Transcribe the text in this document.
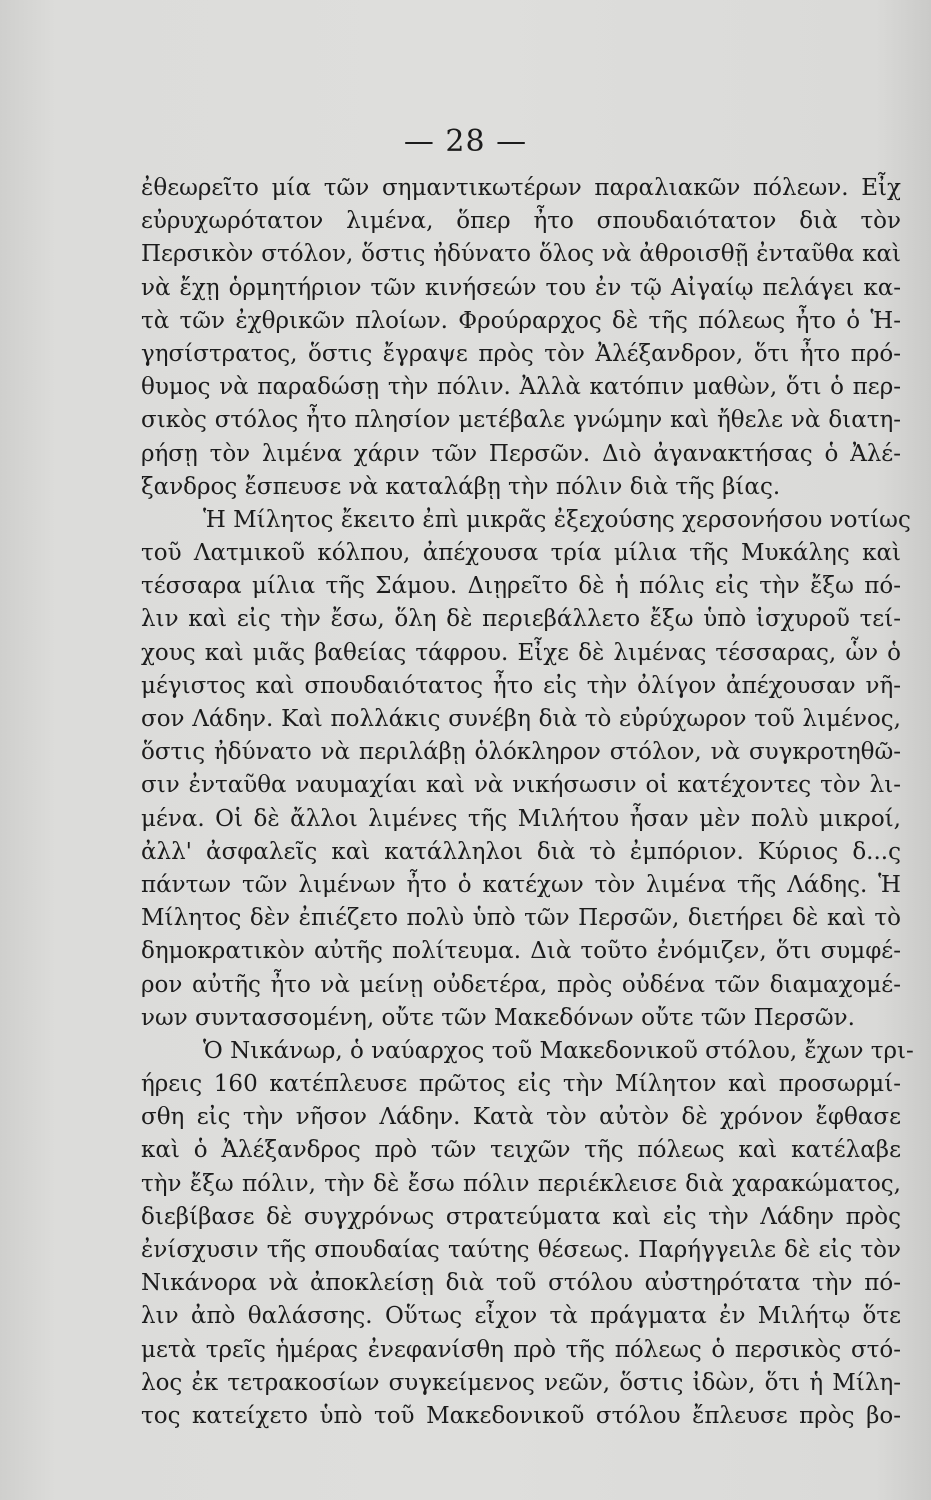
— 28 —
ἐθεωρεῖτο μία τῶν σημαντικωτέρων παραλιακῶν πόλεων. Εἶχ
εὐρυχωρότατον λιμένα, ὅπερ ἦτο σπουδαιότατον διὰ τὸν
Περσικὸν στόλον, ὅστις ἠδύνατο ὅλος νὰ ἀθροισθῇ ἐνταῦθα καὶ
νὰ ἔχῃ ὁρμητήριον τῶν κινήσεών του ἐν τῷ Αἰγαίῳ πελάγει κα-
τὰ τῶν ἐχθρικῶν πλοίων. Φρούραρχος δὲ τῆς πόλεως ἦτο ὁ Ἡ-
γησίστρατος, ὅστις ἔγραψε πρὸς τὸν Ἀλέξανδρον, ὅτι ἦτο πρό-
θυμος νὰ παραδώσῃ τὴν πόλιν. Ἀλλὰ κατόπιν μαθὼν, ὅτι ὁ περ-
σικὸς στόλος ἦτο πλησίον μετέβαλε γνώμην καὶ ἤθελε νὰ διατη-
ρήσῃ τὸν λιμένα χάριν τῶν Περσῶν. Διὸ ἀγανακτήσας ὁ Ἀλέ-
ξανδρος ἔσπευσε νὰ καταλάβῃ τὴν πόλιν διὰ τῆς βίας.
Ἡ Μίλητος ἔκειτο ἐπὶ μικρᾶς ἐξεχούσης χερσονήσου νοτίως
τοῦ Λατμικοῦ κόλπου, ἀπέχουσα τρία μίλια τῆς Μυκάλης καὶ
τέσσαρα μίλια τῆς Σάμου. Διῃρεῖτο δὲ ἡ πόλις εἰς τὴν ἔξω πό-
λιν καὶ εἰς τὴν ἔσω, ὅλη δὲ περιεβάλλετο ἔξω ὑπὸ ἰσχυροῦ τεί-
χους καὶ μιᾶς βαθείας τάφρου. Εἶχε δὲ λιμένας τέσσαρας, ὧν ὁ
μέγιστος καὶ σπουδαιότατος ἦτο εἰς τὴν ὀλίγον ἀπέχουσαν νῆ-
σον Λάδην. Καὶ πολλάκις συνέβη διὰ τὸ εὐρύχωρον τοῦ λιμένος,
ὅστις ἠδύνατο νὰ περιλάβῃ ὁλόκληρον στόλον, νὰ συγκροτηθῶ-
σιν ἐνταῦθα ναυμαχίαι καὶ νὰ νικήσωσιν οἱ κατέχοντες τὸν λι-
μένα. Οἱ δὲ ἄλλοι λιμένες τῆς Μιλήτου ἦσαν μὲν πολὺ μικροί,
ἀλλ' ἀσφαλεῖς καὶ κατάλληλοι διὰ τὸ ἐμπόριον. Κύριος δ...ς
πάντων τῶν λιμένων ἦτο ὁ κατέχων τὸν λιμένα τῆς Λάδης. Ἡ
Μίλητος δὲν ἐπιέζετο πολὺ ὑπὸ τῶν Περσῶν, διετήρει δὲ καὶ τὸ
δημοκρατικὸν αὐτῆς πολίτευμα. Διὰ τοῦτο ἐνόμιζεν, ὅτι συμφέ-
ρον αὐτῆς ἦτο νὰ μείνῃ οὐδετέρα, πρὸς οὐδένα τῶν διαμαχομέ-
νων συντασσομένη, οὔτε τῶν Μακεδόνων οὔτε τῶν Περσῶν.
Ὁ Νικάνωρ, ὁ ναύαρχος τοῦ Μακεδονικοῦ στόλου, ἔχων τρι-
ήρεις 160 κατέπλευσε πρῶτος εἰς τὴν Μίλητον καὶ προσωρμί-
σθη εἰς τὴν νῆσον Λάδην. Κατὰ τὸν αὐτὸν δὲ χρόνον ἔφθασε
καὶ ὁ Ἀλέξανδρος πρὸ τῶν τειχῶν τῆς πόλεως καὶ κατέλαβε
τὴν ἔξω πόλιν, τὴν δὲ ἔσω πόλιν περιέκλεισε διὰ χαρακώματος,
διεβίβασε δὲ συγχρόνως στρατεύματα καὶ εἰς τὴν Λάδην πρὸς
ἐνίσχυσιν τῆς σπουδαίας ταύτης θέσεως. Παρήγγειλε δὲ εἰς τὸν
Νικάνορα νὰ ἀποκλείσῃ διὰ τοῦ στόλου αὐστηρότατα τὴν πό-
λιν ἀπὸ θαλάσσης. Οὕτως εἶχον τὰ πράγματα ἐν Μιλήτῳ ὅτε
μετὰ τρεῖς ἡμέρας ἐνεφανίσθη πρὸ τῆς πόλεως ὁ περσικὸς στό-
λος ἐκ τετρακοσίων συγκείμενος νεῶν, ὅστις ἰδὼν, ὅτι ἡ Μίλη-
τος κατείχετο ὑπὸ τοῦ Μακεδονικοῦ στόλου ἔπλευσε πρὸς βο-
